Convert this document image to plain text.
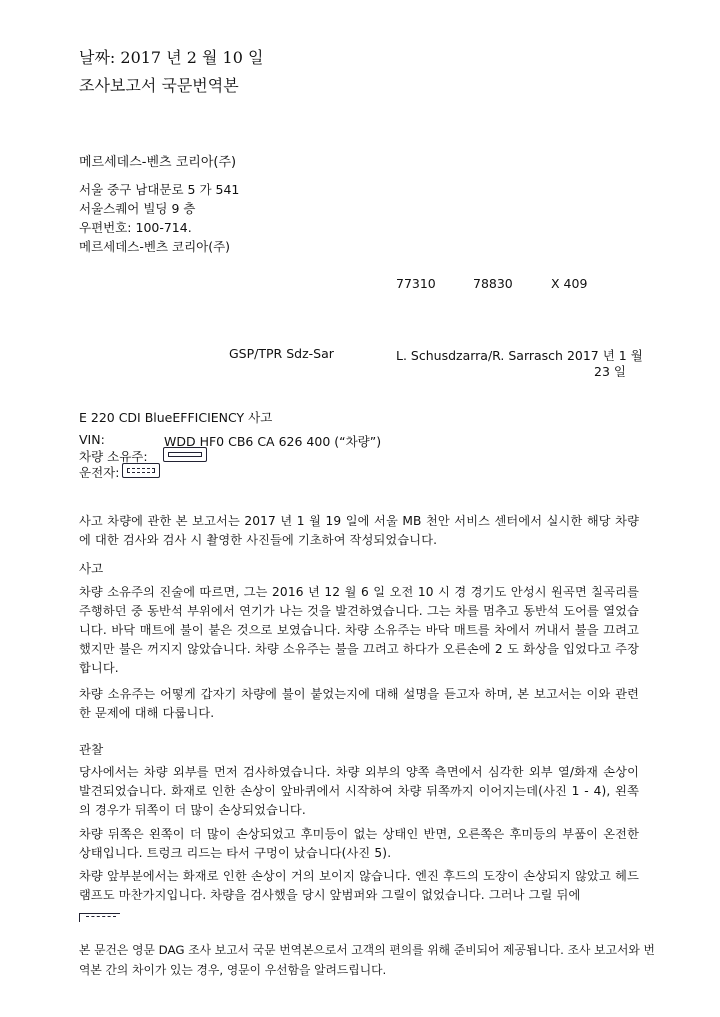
날짜: 2017 년 2 월 10 일
조사보고서 국문번역본
메르세데스-벤츠 코리아(주)
서울 중구 남대문로 5 가 541
서울스퀘어 빌딩 9 층
우편번호: 100-714.
메르세데스-벤츠 코리아(주)
77310	78830	X 409
GSP/TPR Sdz-Sar	L. Schusdzarra/R. Sarrasch 2017 년 1 월
23 일
E 220 CDI BlueEFFICIENCY 사고
VIN:	WDD HF0 CB6 CA 626 400 (“차량”)
차량 소유주:
운전자:
사고 차량에 관한 본 보고서는 2017 년 1 월 19 일에 서울 MB 천안 서비스 센터에서 실시한 해당 차량에 대한 검사와 검사 시 촬영한 사진들에 기초하여 작성되었습니다.
사고
차량 소유주의 진술에 따르면, 그는 2016 년 12 월 6 일 오전 10 시 경 경기도 안성시 원곡면 칠곡리를 주행하던 중 동반석 부위에서 연기가 나는 것을 발견하였습니다. 그는 차를 멈추고 동반석 도어를 열었습니다. 바닥 매트에 불이 붙은 것으로 보였습니다. 차량 소유주는 바닥 매트를 차에서 꺼내서 불을 끄려고 했지만 불은 꺼지지 않았습니다. 차량 소유주는 불을 끄려고 하다가 오른손에 2 도 화상을 입었다고 주장합니다.
차량 소유주는 어떻게 갑자기 차량에 불이 붙었는지에 대해 설명을 듣고자 하며, 본 보고서는 이와 관련한 문제에 대해 다룹니다.
관찰
당사에서는 차량 외부를 먼저 검사하였습니다. 차량 외부의 양쪽 측면에서 심각한 외부 열/화재 손상이 발견되었습니다. 화재로 인한 손상이 앞바퀴에서 시작하여 차량 뒤쪽까지 이어지는데(사진 1 - 4), 왼쪽의 경우가 뒤쪽이 더 많이 손상되었습니다.
차량 뒤쪽은 왼쪽이 더 많이 손상되었고 후미등이 없는 상태인 반면, 오른쪽은 후미등의 부품이 온전한 상태입니다. 트렁크 리드는 타서 구멍이 났습니다(사진 5).
차량 앞부분에서는 화재로 인한 손상이 거의 보이지 않습니다. 엔진 후드의 도장이 손상되지 않았고 헤드램프도 마찬가지입니다. 차량을 검사했을 당시 앞범퍼와 그릴이 없었습니다. 그러나 그릴 뒤에
본 문건은 영문 DAG 조사 보고서 국문 번역본으로서 고객의 편의를 위해 준비되어 제공됩니다. 조사 보고서와 번역본 간의 차이가 있는 경우, 영문이 우선함을 알려드립니다.
